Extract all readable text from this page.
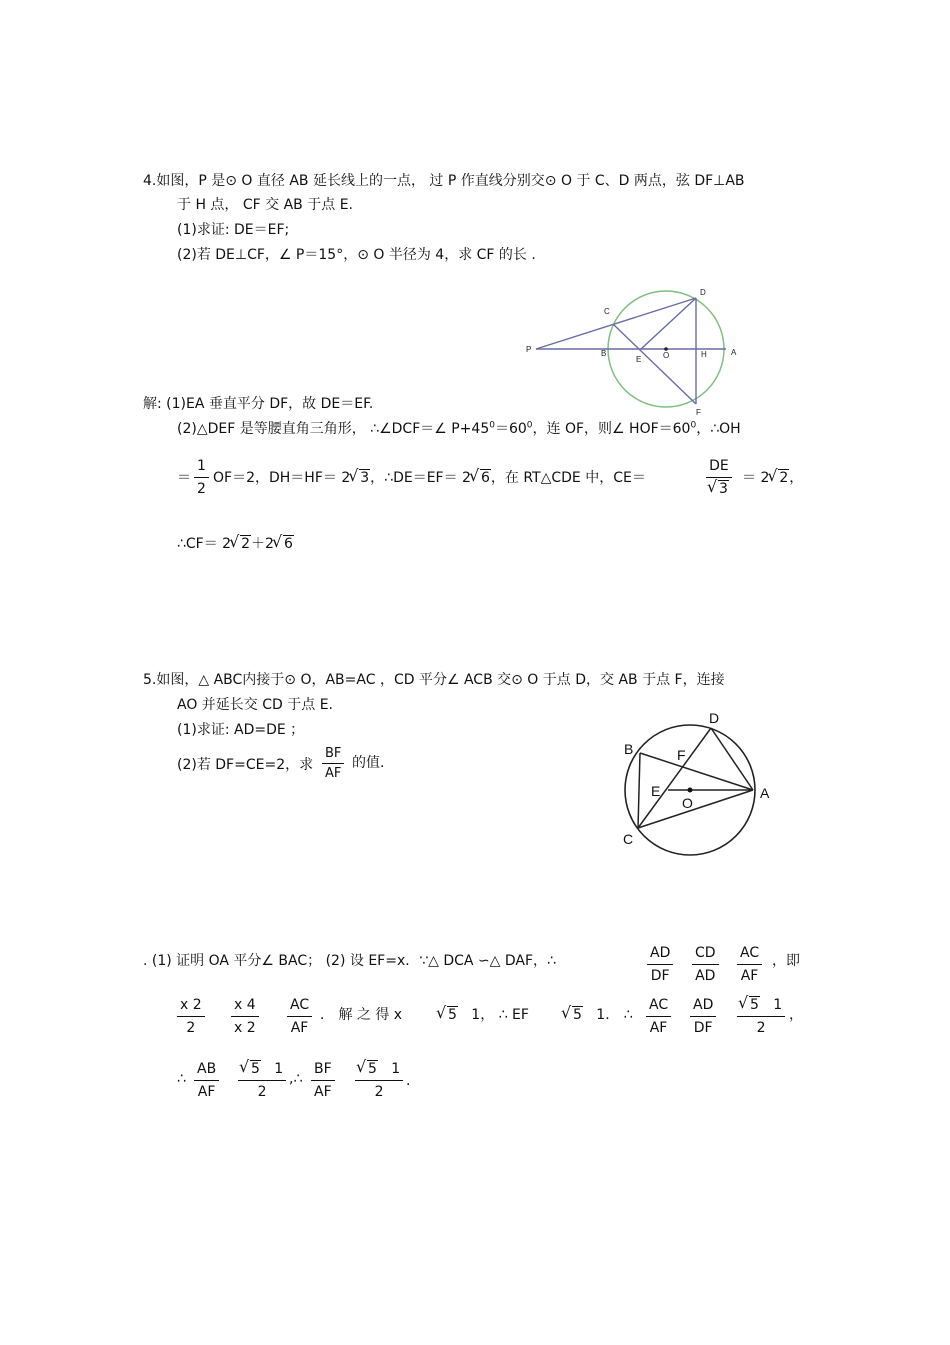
4.如图，P 是⊙ O 直径 AB 延长线上的一点， 过 P 作直线分别交⊙ O 于 C、D 两点，弦 DF⊥AB
于 H 点， CF 交 AB 于点 E.
(1)求证: DE＝EF;
(2)若 DE⊥CF，∠ P＝15°，⊙ O 半径为 4，求 CF 的长 .
P
C
D
B
E	O	H	A
F
解: (1)EA 垂直平分 DF，故 DE＝EF.
(2)△DEF 是等腰直角三角形， ∴∠DCF＝∠ $P+45^0=60^0$，连 OF，则∠ $HOF=60^0$，∴OH
＝
1
2
OF＝2，DH＝HF＝ 2 √ 3，∴DE＝EF＝ 2 √ 6，在 RT△CDE 中，CE＝
DE
√ 3
＝ 2 √ 2，
∴CF＝ 2 √ 2＋2 √ 6
5.如图，△ ABC内接于⊙ O，AB=AC ，CD 平分∠ ACB 交⊙ O 于点 D，交 AB 于点 F，连接
AO 并延长交 CD 于点 E.
(1)求证: AD=DE ；
(2)若 DF=CE=2，求
BF
AF
的值.
D
B	F
E
O
A
C
. (1) 证明 OA 平分∠ BAC； (2) 设 EF=x．∵△ DCA ∽△ DAF，∴	AD
DF
CD
AD
AC
AF
，即
x 2
2
x 4
x 2
AC
AF
． 解 之 得 x	√ 5 1， ∴ EF	√ 5 1． ∴
AC
AF
AD
DF
√ 5 1
2
，
∴
AB
AF
√ 5 1
2
,∴
BF
AF
√ 5 1
2
.
